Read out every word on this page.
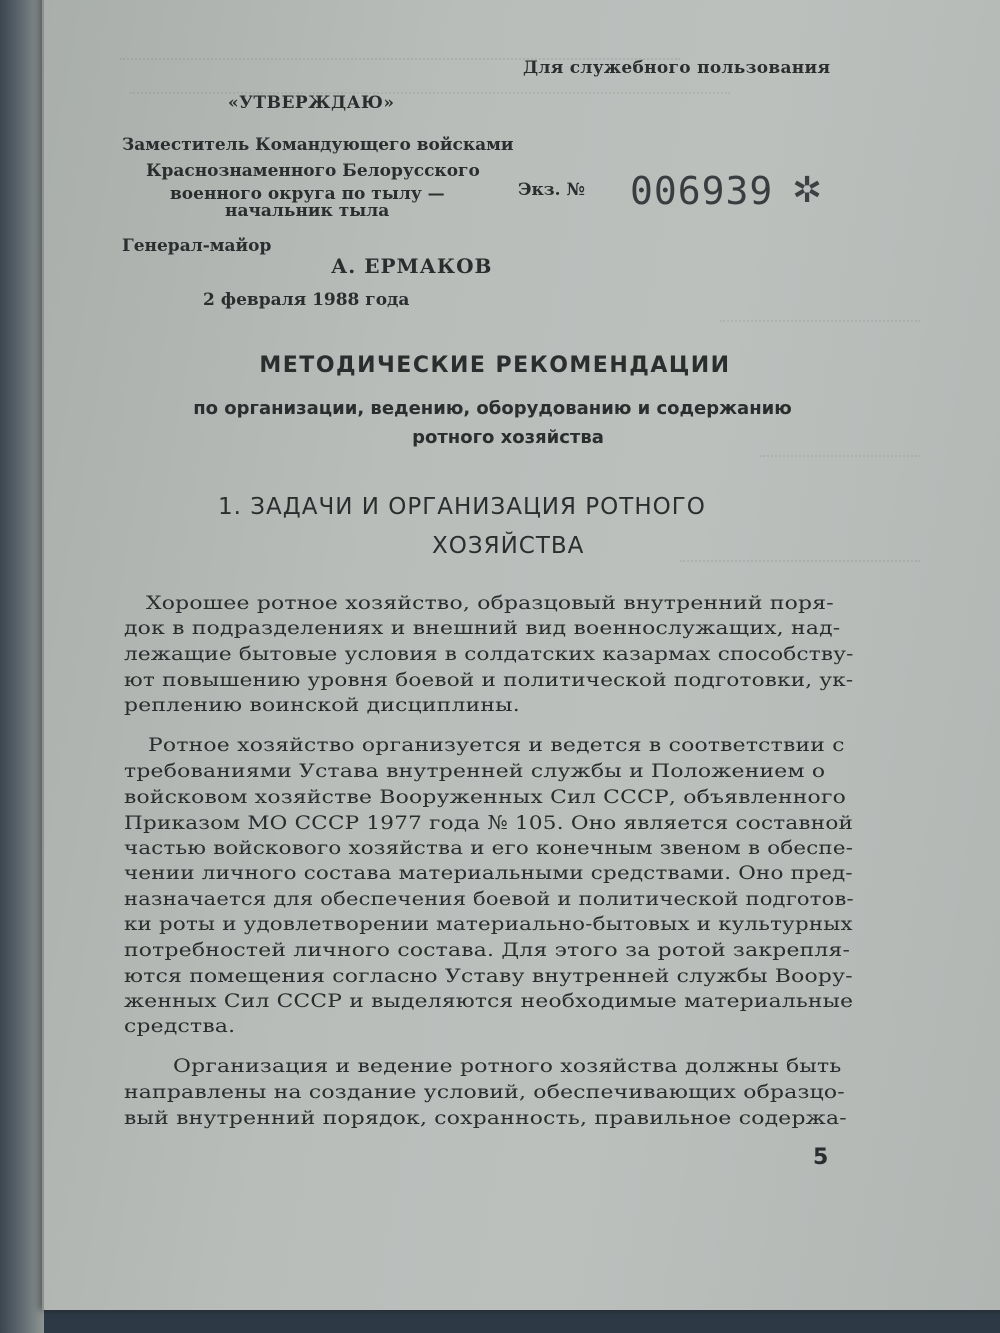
Для служебного пользования
«УТВЕРЖДАЮ»
Заместитель Командующего войсками
Краснознаменного Белорусского
военного округа по тылу —
начальник тыла
Генерал-майор
А. ЕРМАКОВ
2 февраля 1988 года
Экз. № 006939 ✲
МЕТОДИЧЕСКИЕ РЕКОМЕНДАЦИИ
по организации, ведению, оборудованию и содержанию
ротного хозяйства
1. ЗАДАЧИ И ОРГАНИЗАЦИЯ РОТНОГО
ХОЗЯЙСТВА
Хорошее ротное хозяйство, образцовый внутренний поря-
док в подразделениях и внешний вид военнослужащих, над-
лежащие бытовые условия в солдатских казармах способству-
ют повышению уровня боевой и политической подготовки, ук-
реплению воинской дисциплины.
Ротное хозяйство организуется и ведется в соответствии с
требованиями Устава внутренней службы и Положением о
войсковом хозяйстве Вооруженных Сил СССР, объявленного
Приказом МО СССР 1977 года № 105. Оно является составной
частью войскового хозяйства и его конечным звеном в обеспе-
чении личного состава материальными средствами. Оно пред-
назначается для обеспечения боевой и политической подготов-
ки роты и удовлетворении материально-бытовых и культурных
потребностей личного состава. Для этого за ротой закрепля-
ются помещения согласно Уставу внутренней службы Воору-
женных Сил СССР и выделяются необходимые материальные
средства.
Организация и ведение ротного хозяйства должны быть
направлены на создание условий, обеспечивающих образцо-
вый внутренний порядок, сохранность, правильное содержа-
5
